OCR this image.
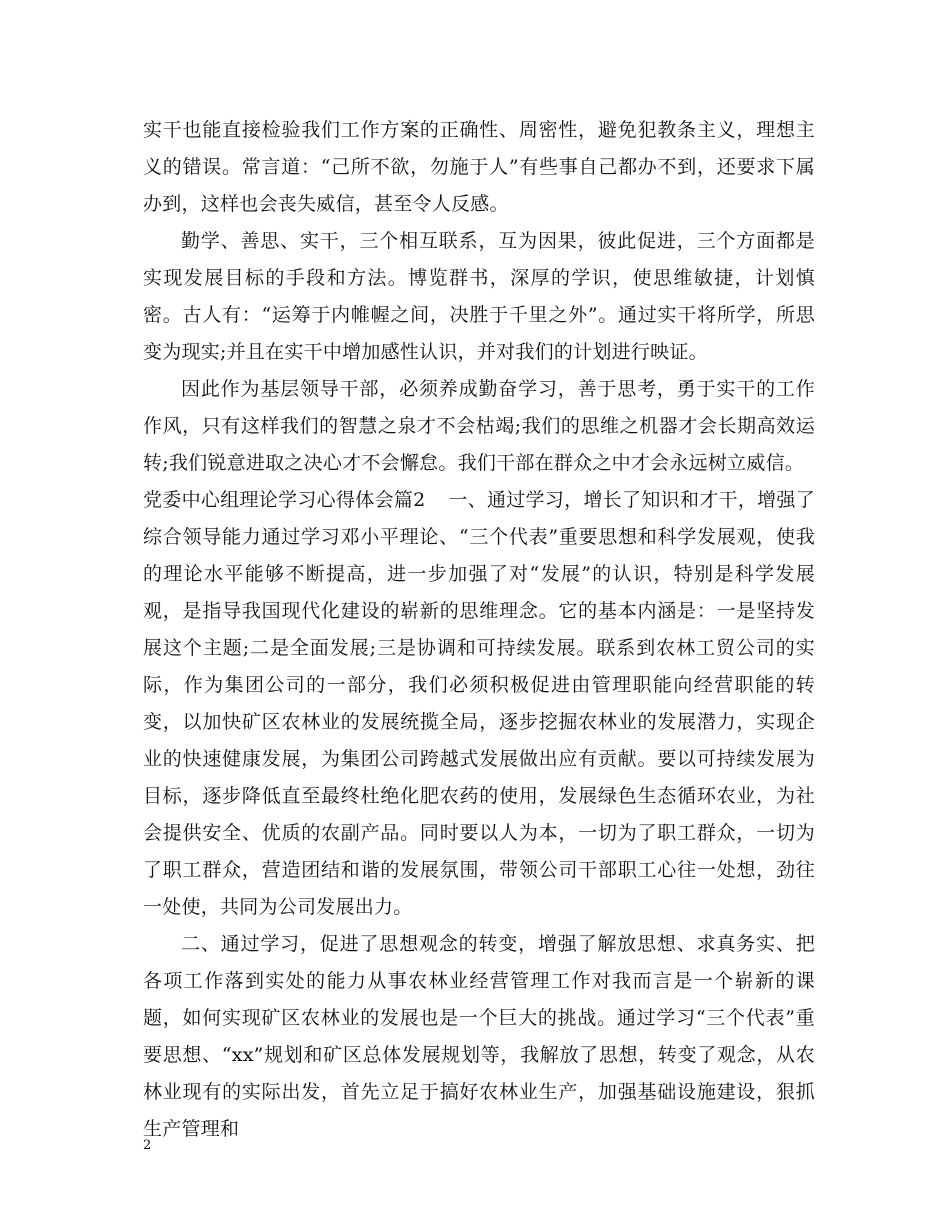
实干也能直接检验我们工作方案的正确性、周密性，避免犯教条主义，理想主义的错误。常言道：“己所不欲，勿施于人”有些事自己都办不到，还要求下属办到，这样也会丧失威信，甚至令人反感。

勤学、善思、实干，三个相互联系，互为因果，彼此促进，三个方面都是实现发展目标的手段和方法。博览群书，深厚的学识，使思维敏捷，计划慎密。古人有：“运筹于内帷幄之间，决胜于千里之外”。通过实干将所学，所思变为现实;并且在实干中增加感性认识，并对我们的计划进行映证。

因此作为基层领导干部，必须养成勤奋学习，善于思考，勇于实干的工作作风，只有这样我们的智慧之泉才不会枯竭;我们的思维之机器才会长期高效运转;我们锐意进取之决心才不会懈怠。我们干部在群众之中才会永远树立威信。

党委中心组理论学习心得体会篇2 一、通过学习，增长了知识和才干，增强了综合领导能力通过学习邓小平理论、“三个代表”重要思想和科学发展观，使我的理论水平能够不断提高，进一步加强了对“发展”的认识，特别是科学发展观，是指导我国现代化建设的崭新的思维理念。它的基本内涵是：一是坚持发展这个主题;二是全面发展;三是协调和可持续发展。联系到农林工贸公司的实际，作为集团公司的一部分，我们必须积极促进由管理职能向经营职能的转变，以加快矿区农林业的发展统揽全局，逐步挖掘农林业的发展潜力，实现企业的快速健康发展，为集团公司跨越式发展做出应有贡献。要以可持续发展为目标，逐步降低直至最终杜绝化肥农药的使用，发展绿色生态循环农业，为社会提供安全、优质的农副产品。同时要以人为本，一切为了职工群众，一切为了职工群众，营造团结和谐的发展氛围，带领公司干部职工心往一处想，劲往一处使，共同为公司发展出力。

二、通过学习，促进了思想观念的转变，增强了解放思想、求真务实、把各项工作落到实处的能力从事农林业经营管理工作对我而言是一个崭新的课题，如何实现矿区农林业的发展也是一个巨大的挑战。通过学习“三个代表”重要思想、“xx”规划和矿区总体发展规划等，我解放了思想，转变了观念，从农林业现有的实际出发，首先立足于搞好农林业生产，加强基础设施建设，狠抓生产管理和

2
